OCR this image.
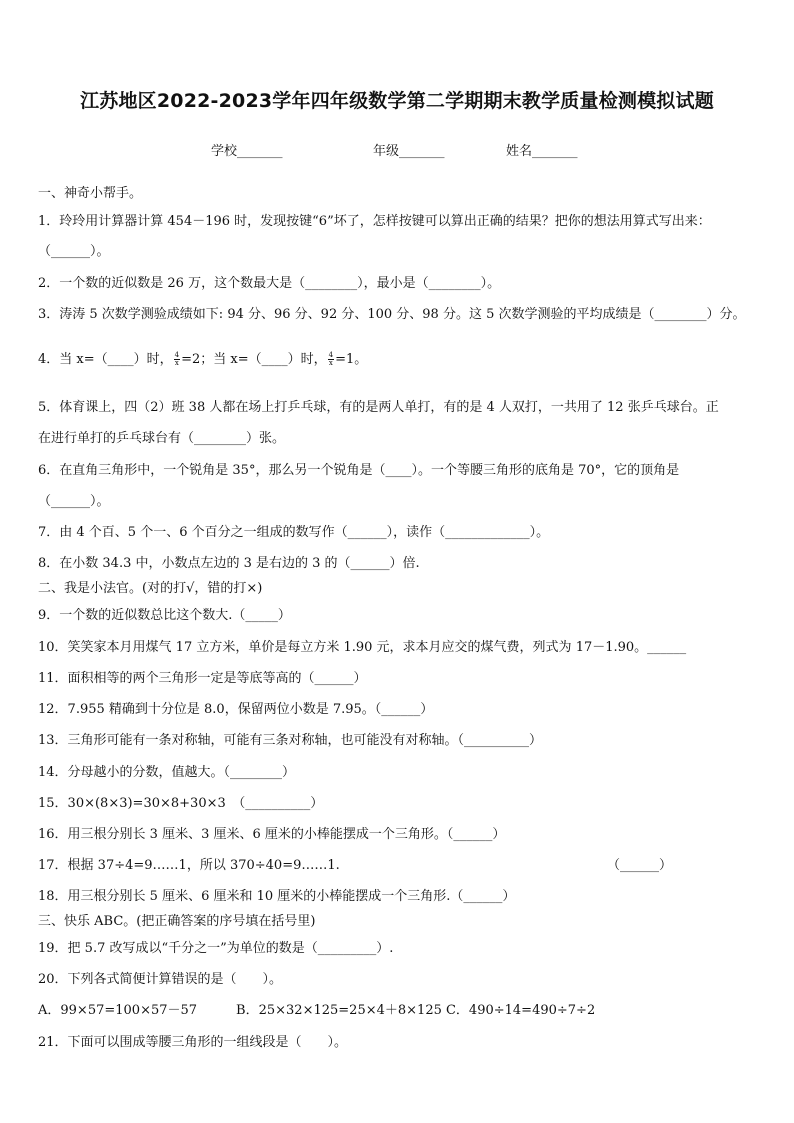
江苏地区2022-2023学年四年级数学第二学期期末教学质量检测模拟试题
学校_______	年级_______	姓名_______
一、神奇小帮手。
1．玲玲用计算器计算 454－196 时，发现按键“6”坏了，怎样按键可以算出正确的结果？把你的想法用算式写出来：
（______）。
2．一个数的近似数是 26 万，这个数最大是（________），最小是（________）。
3．涛涛 5 次数学测验成绩如下: 94 分、96 分、92 分、100 分、98 分。这 5 次数学测验的平均成绩是（________）分。
4．当 x=（____）时， $\frac{4}{x} =2$；当 x=（____）时， $\frac{4}{x} =1$。
5．体育课上，四（2）班 38 人都在场上打乒乓球，有的是两人单打，有的是 4 人双打，一共用了 12 张乒乓球台。正
在进行单打的乒乓球台有（________）张。
6．在直角三角形中，一个锐角是 35°，那么另一个锐角是（____）。一个等腰三角形的底角是 70°，它的顶角是
（______）。
7．由 4 个百、5 个一、6 个百分之一组成的数写作（______），读作（_____________）。
8．在小数 34.3 中，小数点左边的 3 是右边的 3 的（______）倍.
二、我是小法官。(对的打√，错的打×)
9．一个数的近似数总比这个数大.（_____）
10．笑笑家本月用煤气 17 立方米，单价是每立方米 1.90 元，求本月应交的煤气费，列式为 17－1.90。______
11．面积相等的两个三角形一定是等底等高的（______）
12．7.955 精确到十分位是 8.0，保留两位小数是 7.95。（______）
13．三角形可能有一条对称轴，可能有三条对称轴，也可能没有对称轴。（__________）
14．分母越小的分数，值越大。（________）
15．30×(8×3)=30×8+30×3　（__________）
16．用三根分别长 3 厘米、3 厘米、6 厘米的小棒能摆成一个三角形。（______）
17．根据 37÷4=9……1，所以 370÷40=9……1.	（______）
18．用三根分别长 5 厘米、6 厘米和 10 厘米的小棒能摆成一个三角形.（______）
三、快乐 ABC。(把正确答案的序号填在括号里)
19．把 5.7 改写成以“千分之一”为单位的数是（_________）.
20．下列各式简便计算错误的是（　　）。
A．99×57=100×57－57　　　B．25×32×125=25×4＋8×125 C．490÷14=490÷7÷2
21．下面可以围成等腰三角形的一组线段是（　　）。
